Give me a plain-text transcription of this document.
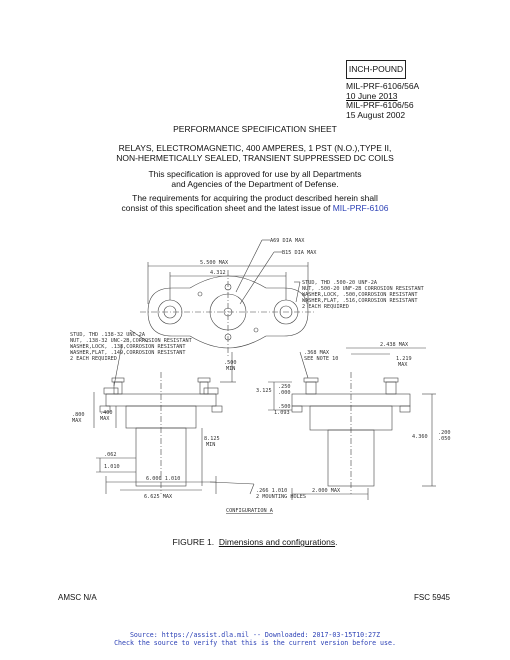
INCH-POUND
MIL-PRF-6106/56A
10 June 2013
MIL-PRF-6106/56
15 August 2002
PERFORMANCE SPECIFICATION SHEET
RELAYS, ELECTROMAGNETIC, 400 AMPERES, 1 PST (N.O.),TYPE II,
NON-HERMETICALLY SEALED, TRANSIENT SUPPRESSED DC COILS
This specification is approved for use by all Departments
and Agencies of the Department of Defense.
The requirements for acquiring the product described herein shall
consist of this specification sheet and the latest issue of MIL-PRF-6106
A69 DIA MAX
B15 DIA MAX
5.500 MAX
4.312
STUD, THD .500-20 UNF-2A
NUT, .500-20 UNF-2B CORROSION RESISTANT
WASHER,LOCK, .500,CORROSION RESISTANT
WASHER,FLAT, .516,CORROSION RESISTANT
2 EACH REQUIRED
STUD, THD .138-32 UNC-2A
NUT, .138-32 UNC-2B,CORROSION RESISTANT
WASHER,LOCK, .138,CORROSION RESISTANT
WASHER,FLAT, .149,CORROSION RESISTANT
2 EACH REQUIRED
.368 MAX
SEE NOTE 10
.500
MIN
2.438 MAX
1.219
MAX
3.125
.250
.000
.500
1.093
.800
MAX
.400
MAX
8.125
MIN
4.360
.200
.050
.062
1.010
6.000 1.010
6.625 MAX
.266 1.010
2 MOUNTING HOLES
2.000 MAX
CONFIGURATION A
FIGURE 1. Dimensions and configurations.
AMSC N/A	FSC 5945
Source: https://assist.dla.mil -- Downloaded: 2017-03-15T10:27Z
Check the source to verify that this is the current version before use.
